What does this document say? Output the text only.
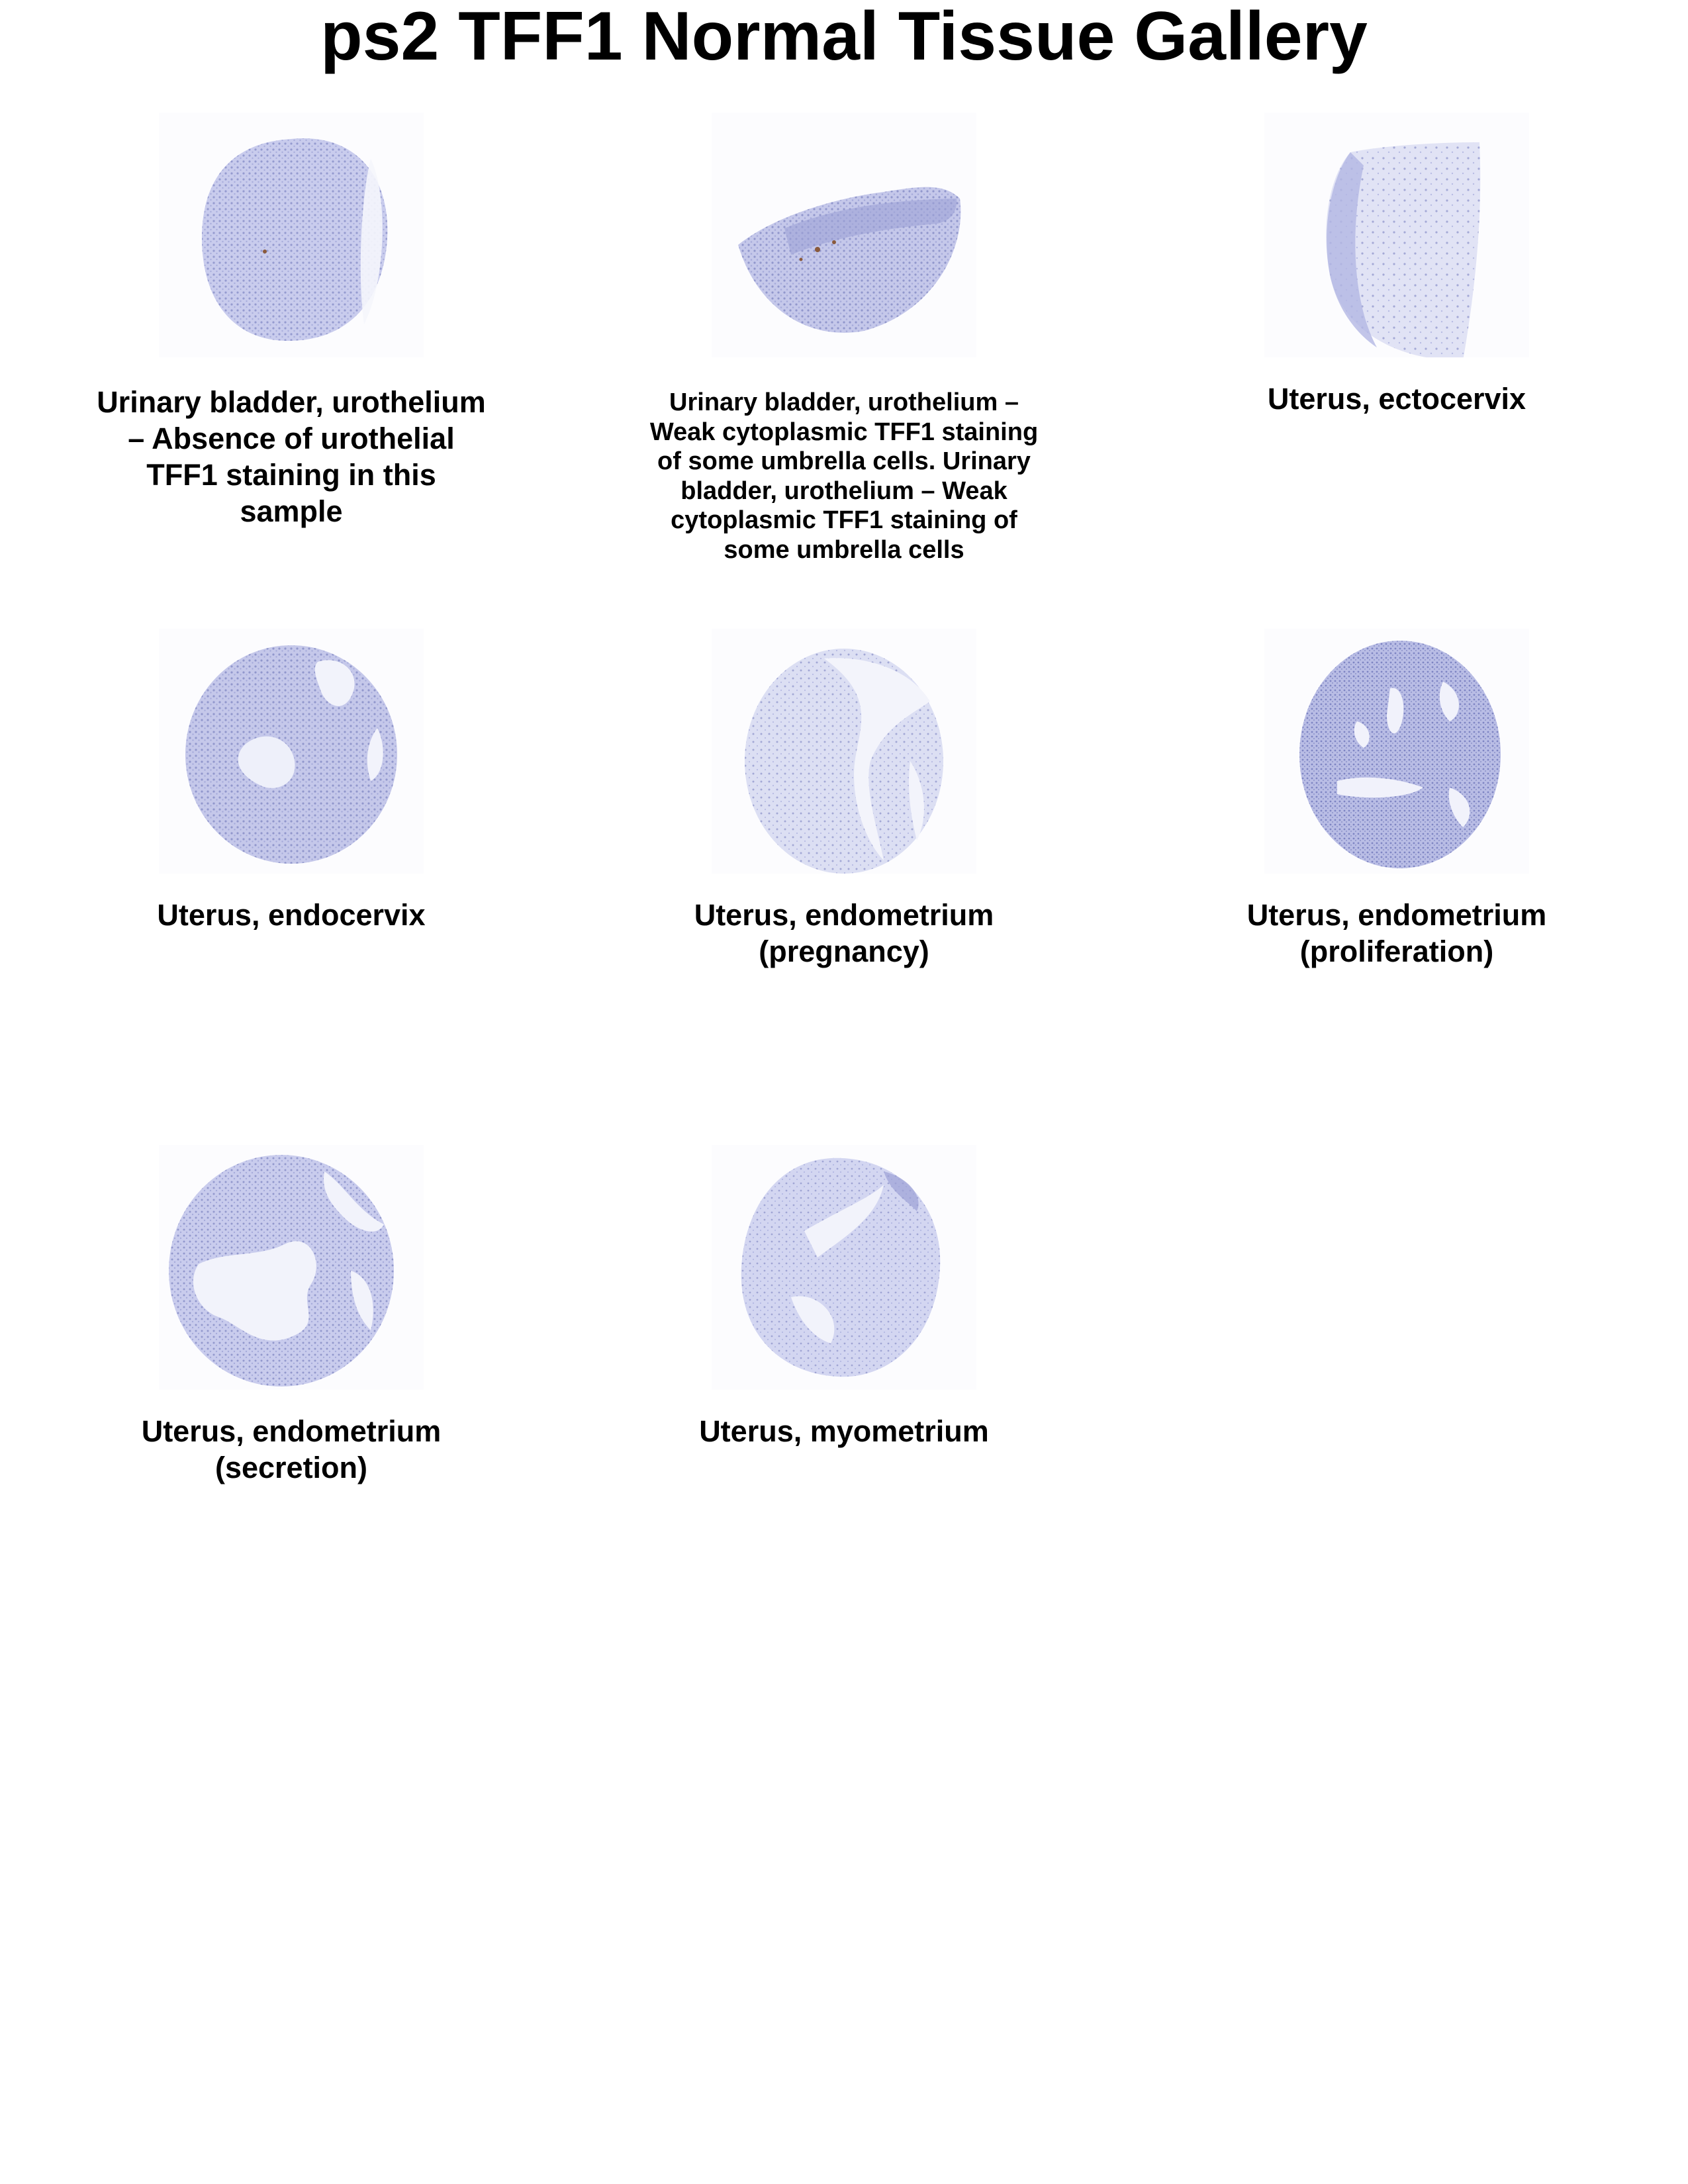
ps2 TFF1 Normal Tissue Gallery
Urinary bladder, urothelium – Absence of urothelial TFF1 staining in this sample
Urinary bladder, urothelium – Weak cytoplasmic TFF1 staining of some umbrella cells. Urinary bladder, urothelium – Weak cytoplasmic TFF1 staining of some umbrella cells
Uterus, ectocervix
Uterus, endocervix	Uterus, endometrium (pregnancy)
Uterus, endometrium (proliferation)
Uterus, endometrium (secretion)
Uterus, myometrium
